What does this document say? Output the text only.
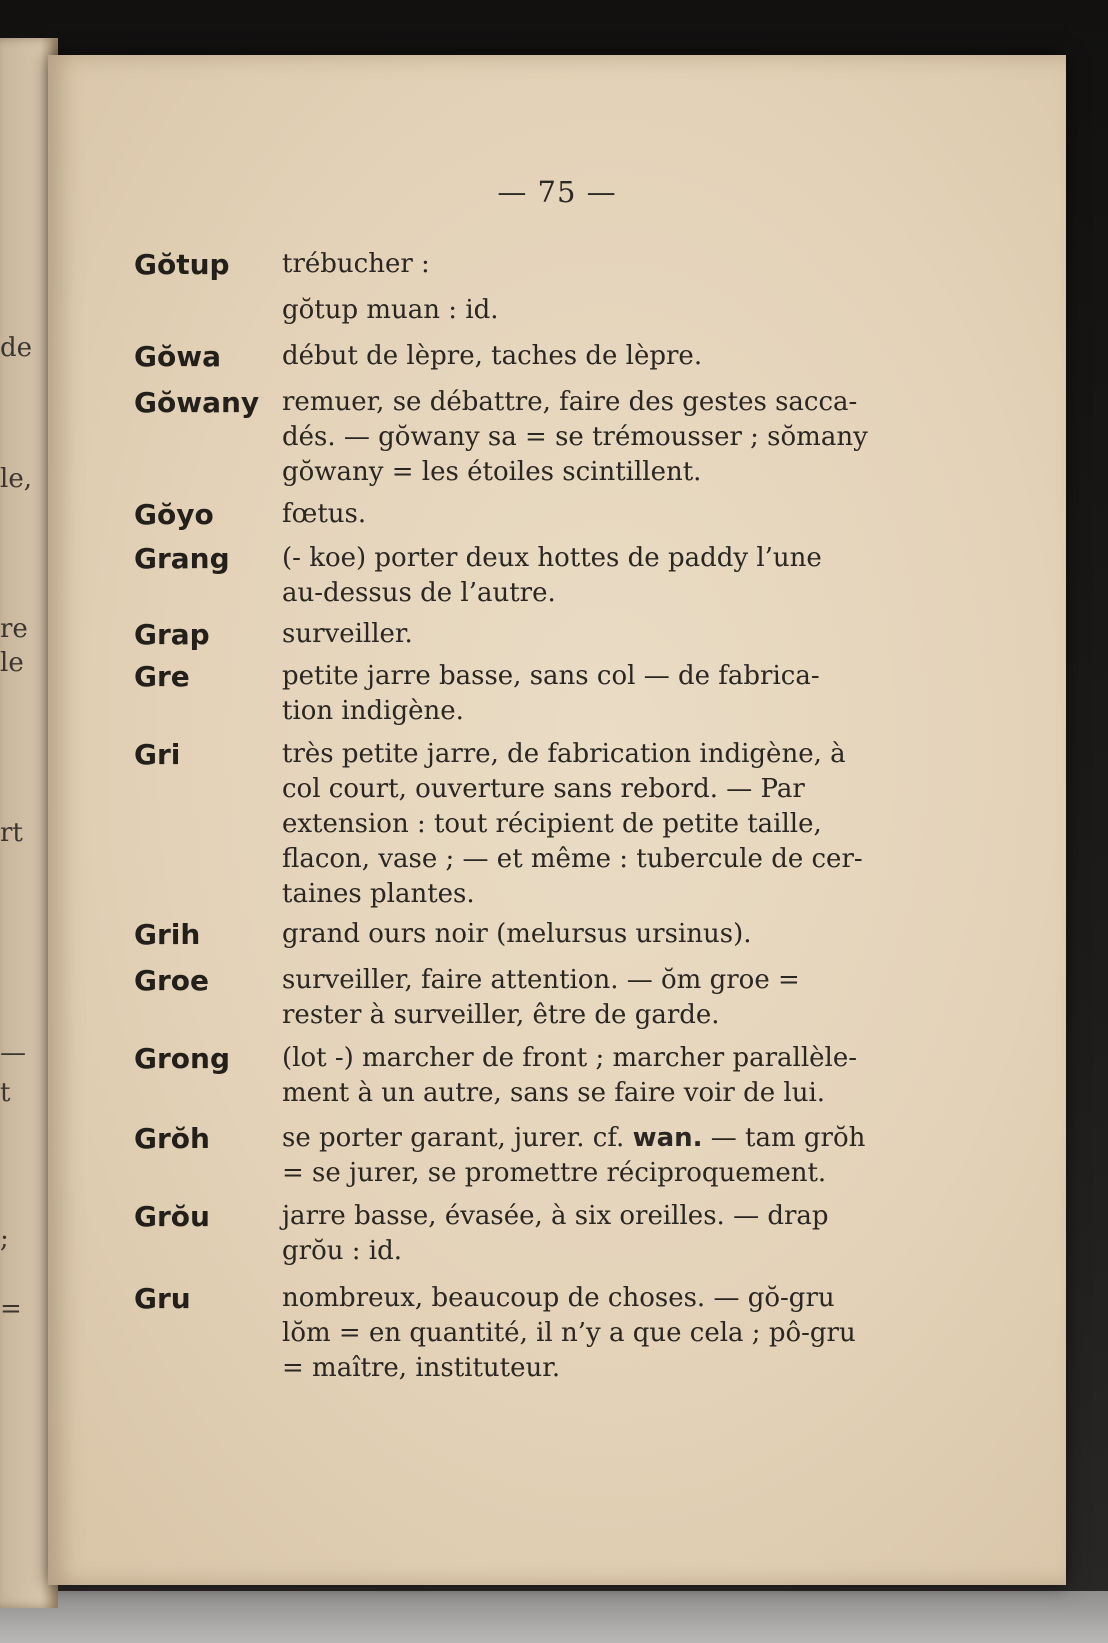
de
le,
re
le
rt
—
t
;
=
— 75 —
Gŏtup	trébucher :
gŏtup muan : id.
Gŏwa	début de lèpre, taches de lèpre.
Gŏwany remuer, se débattre, faire des gestes sacca-
dés. — gŏwany sa = se trémousser ; sŏmany
gŏwany = les étoiles scintillent.
Gŏyo	fœtus.
Grang	(- koe) porter deux hottes de paddy l’une
au-dessus de l’autre.
Grap	surveiller.
Gre	petite jarre basse, sans col — de fabrica-
tion indigène.
Gri	très petite jarre, de fabrication indigène, à
col court, ouverture sans rebord. — Par
extension : tout récipient de petite taille,
flacon, vase ; — et même : tubercule de cer-
taines plantes.
Grih	grand ours noir (melursus ursinus).
Groe	surveiller, faire attention. — ŏm groe =
rester à surveiller, être de garde.
Grong	(lot -) marcher de front ; marcher parallèle-
ment à un autre, sans se faire voir de lui.
Grŏh	se porter garant, jurer. cf. wan. — tam grŏh
= se jurer, se promettre réciproquement.
Grŏu	jarre basse, évasée, à six oreilles. — drap
grŏu : id.
Gru	nombreux, beaucoup de choses. — gŏ-gru
lŏm = en quantité, il n’y a que cela ; pô-gru
= maître, instituteur.
